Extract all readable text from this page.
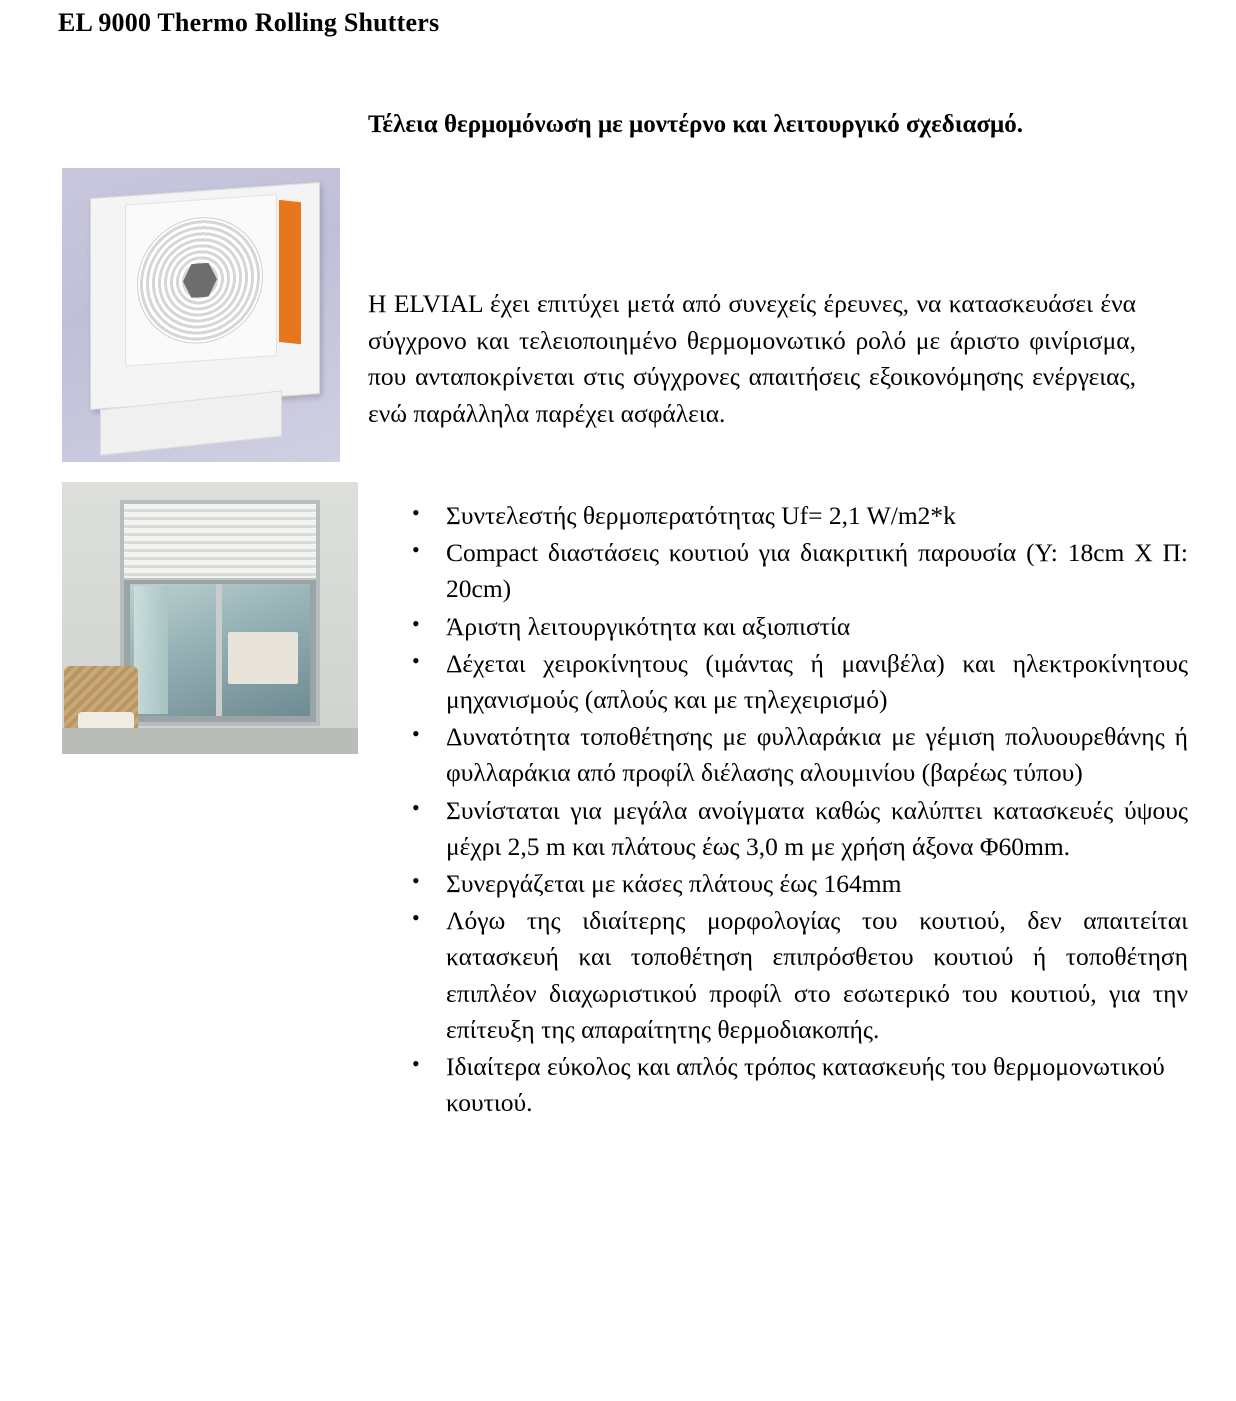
EL 9000 Thermo Rolling Shutters
Τέλεια θερμομόνωση με μοντέρνο και λειτουργικό σχεδιασμό.
Η ELVIAL έχει επιτύχει μετά από συνεχείς έρευνες, να κατασκευάσει ένα σύγχρονο και τελειοποιημένο θερμομονωτικό ρολό με άριστο φινίρισμα, που ανταποκρίνεται στις σύγχρονες απαιτήσεις εξοικονόμησης ενέργειας, ενώ παράλληλα παρέχει ασφάλεια.
• Συντελεστής θερμοπερατότητας Uf= 2,1 W/m2*k
• Compact διαστάσεις κουτιού για διακριτική παρουσία (Υ: 18cm Χ Π: 20cm)
• Άριστη λειτουργικότητα και αξιοπιστία
• Δέχεται χειροκίνητους (ιμάντας ή μανιβέλα) και ηλεκτροκίνητους μηχανισμούς (απλούς και με τηλεχειρισμό)
• Δυνατότητα τοποθέτησης με φυλλαράκια με γέμιση πολυουρεθάνης ή φυλλαράκια από προφίλ διέλασης αλουμινίου (βαρέως τύπου)
• Συνίσταται για μεγάλα ανοίγματα καθώς καλύπτει κατασκευές ύψους μέχρι 2,5 m και πλάτους έως 3,0 m με χρήση άξονα Φ60mm.
• Συνεργάζεται με κάσες πλάτους έως 164mm
• Λόγω της ιδιαίτερης μορφολογίας του κουτιού, δεν απαιτείται κατασκευή και τοποθέτηση επιπρόσθετου κουτιού ή τοποθέτηση επιπλέον διαχωριστικού προφίλ στο εσωτερικό του κουτιού, για την επίτευξη της απαραίτητης θερμοδιακοπής.
• Ιδιαίτερα εύκολος και απλός τρόπος κατασκευής του θερμομονωτικού κουτιού.
